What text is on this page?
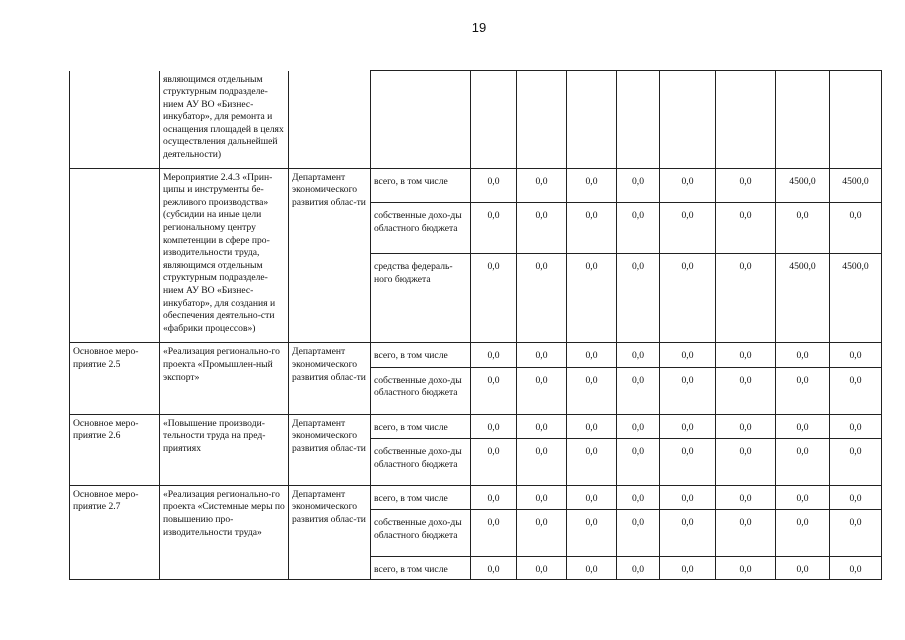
19
	являющимся отдельным структурным подразделе-нием АУ ВО «Бизнес-инкубатор», для ремонта и оснащения площадей в целях осуществления дальнейшей деятельности)										
	Мероприятие 2.4.3 «Прин-ципы и инструменты бе-режливого производства» (субсидии на иные цели региональному центру компетенции в сфере про-изводительности труда, являющимся отдельным структурным подразделе-нием АУ ВО «Бизнес-инкубатор», для создания и обеспечения деятельно-сти «фабрики процессов»)	Департамент экономического развития облас-ти	всего, в том числе	0,0	0,0	0,0	0,0	0,0	0,0	4500,0	4500,0
			собственные дохо-ды областного бюджета	0,0	0,0	0,0	0,0	0,0	0,0	0,0	0,0
			средства федераль-ного бюджета	0,0	0,0	0,0	0,0	0,0	0,0	4500,0	4500,0
Основное меро-приятие 2.5	«Реализация регионально-го проекта «Промышлен-ный экспорт»	Департамент экономического развития облас-ти	всего, в том числе	0,0	0,0	0,0	0,0	0,0	0,0	0,0	0,0
			собственные дохо-ды областного бюджета	0,0	0,0	0,0	0,0	0,0	0,0	0,0	0,0
Основное меро-приятие 2.6	«Повышение производи-тельности труда на пред-приятиях	Департамент экономического развития облас-ти	всего, в том числе	0,0	0,0	0,0	0,0	0,0	0,0	0,0	0,0
			собственные дохо-ды областного бюджета	0,0	0,0	0,0	0,0	0,0	0,0	0,0	0,0
Основное меро-приятие 2.7	«Реализация регионально-го проекта «Системные меры по повышению про-изводительности труда»	Департамент экономического развития облас-ти	всего, в том числе	0,0	0,0	0,0	0,0	0,0	0,0	0,0	0,0
			собственные дохо-ды областного бюджета	0,0	0,0	0,0	0,0	0,0	0,0	0,0	0,0
			всего, в том числе	0,0	0,0	0,0	0,0	0,0	0,0	0,0	0,0
